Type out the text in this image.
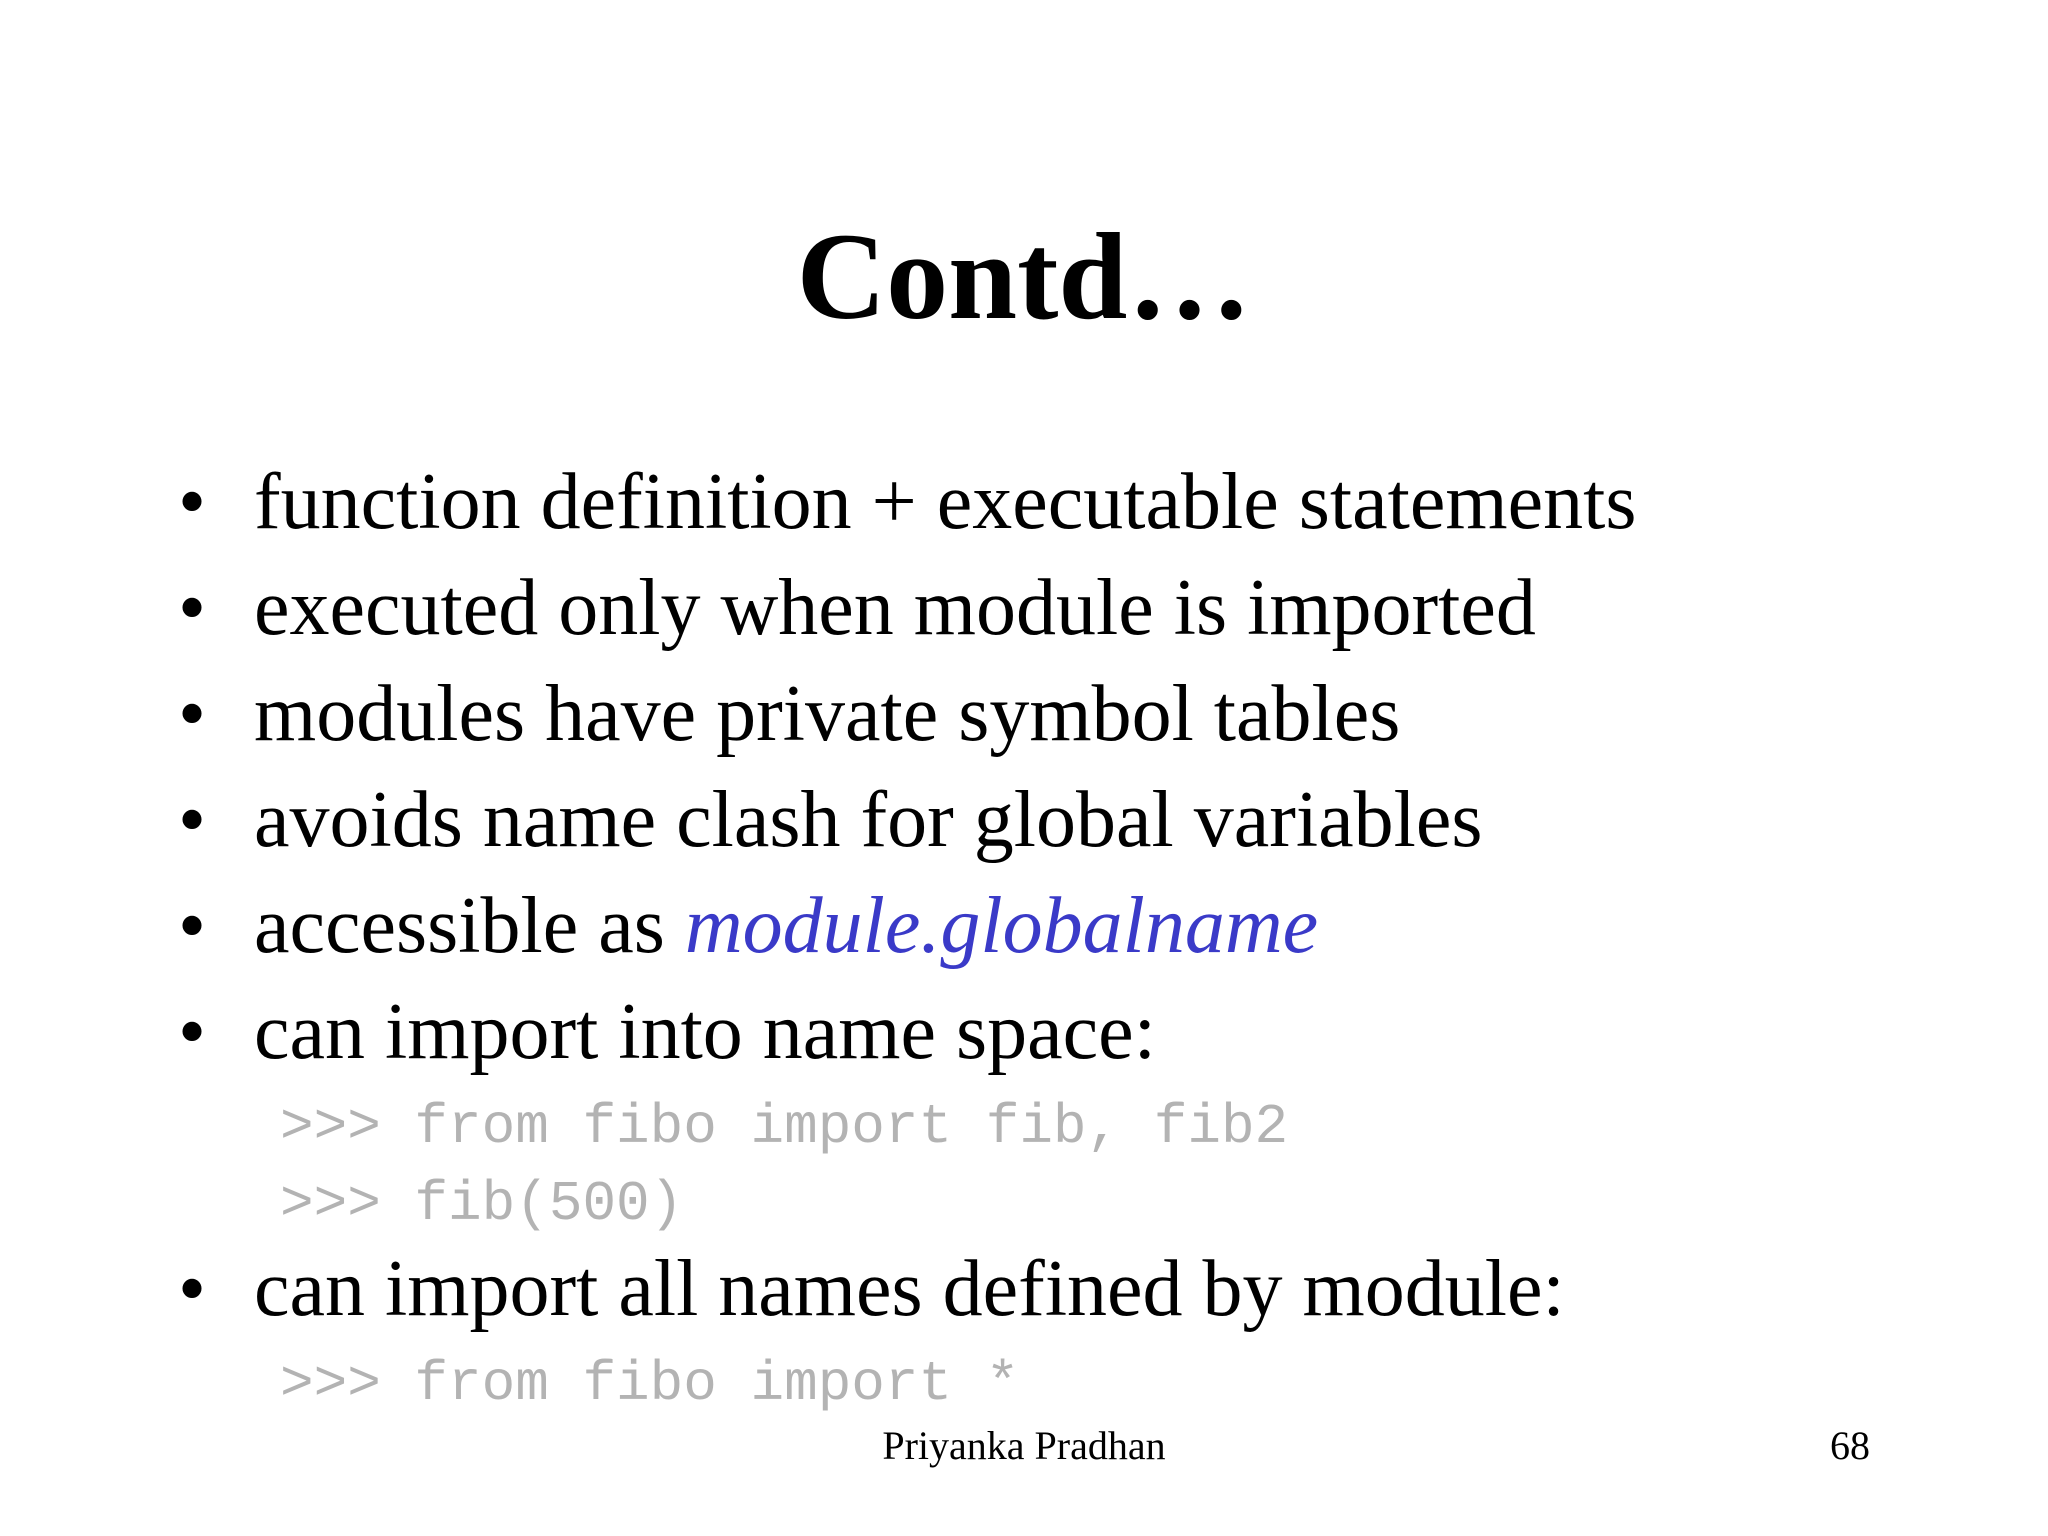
Contd…
• function definition + executable statements
• executed only when module is imported
• modules have private symbol tables
• avoids name clash for global variables
• accessible as module.globalname
• can import into name space:
>>> from fibo import fib, fib2
>>> fib(500)
• can import all names defined by module:
>>> from fibo import *
Priyanka Pradhan	68
